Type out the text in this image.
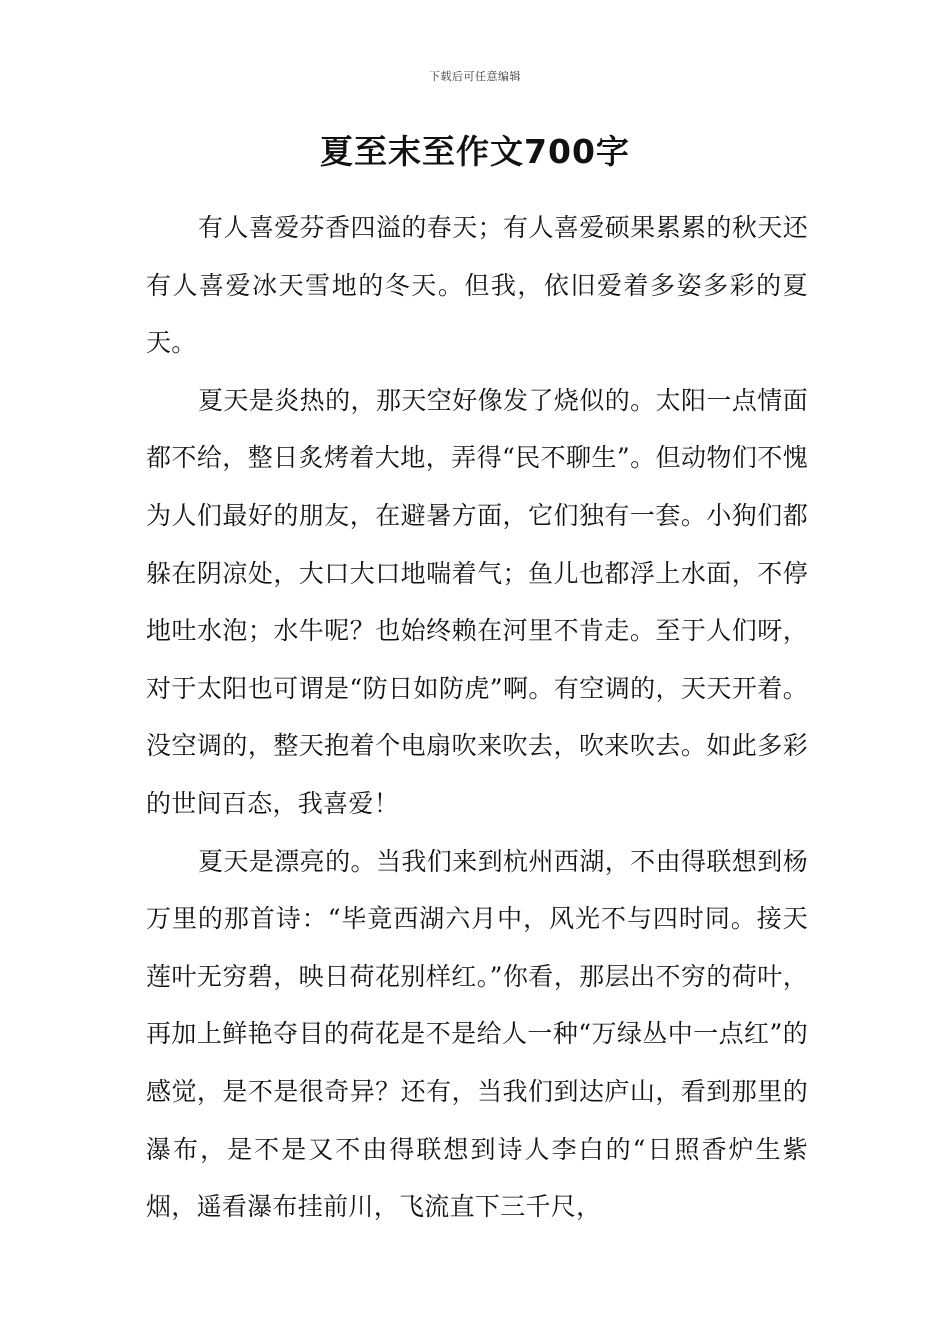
下载后可任意编辑
夏至末至作文700字

有人喜爱芬香四溢的春天；有人喜爱硕果累累的秋天还有人喜爱冰天雪地的冬天。但我，依旧爱着多姿多彩的夏天。

夏天是炎热的，那天空好像发了烧似的。太阳一点情面都不给，整日炙烤着大地，弄得“民不聊生”。但动物们不愧为人们最好的朋友，在避暑方面，它们独有一套。小狗们都躲在阴凉处，大口大口地喘着气；鱼儿也都浮上水面，不停地吐水泡；水牛呢？也始终赖在河里不肯走。至于人们呀，对于太阳也可谓是“防日如防虎”啊。有空调的，天天开着。没空调的，整天抱着个电扇吹来吹去，吹来吹去。如此多彩的世间百态，我喜爱！

夏天是漂亮的。当我们来到杭州西湖，不由得联想到杨万里的那首诗：“毕竟西湖六月中，风光不与四时同。接天莲叶无穷碧，映日荷花别样红。”你看，那层出不穷的荷叶，再加上鲜艳夺目的荷花是不是给人一种“万绿丛中一点红”的感觉，是不是很奇异？还有，当我们到达庐山，看到那里的瀑布，是不是又不由得联想到诗人李白的“日照香炉生紫烟，遥看瀑布挂前川，飞流直下三千尺，
